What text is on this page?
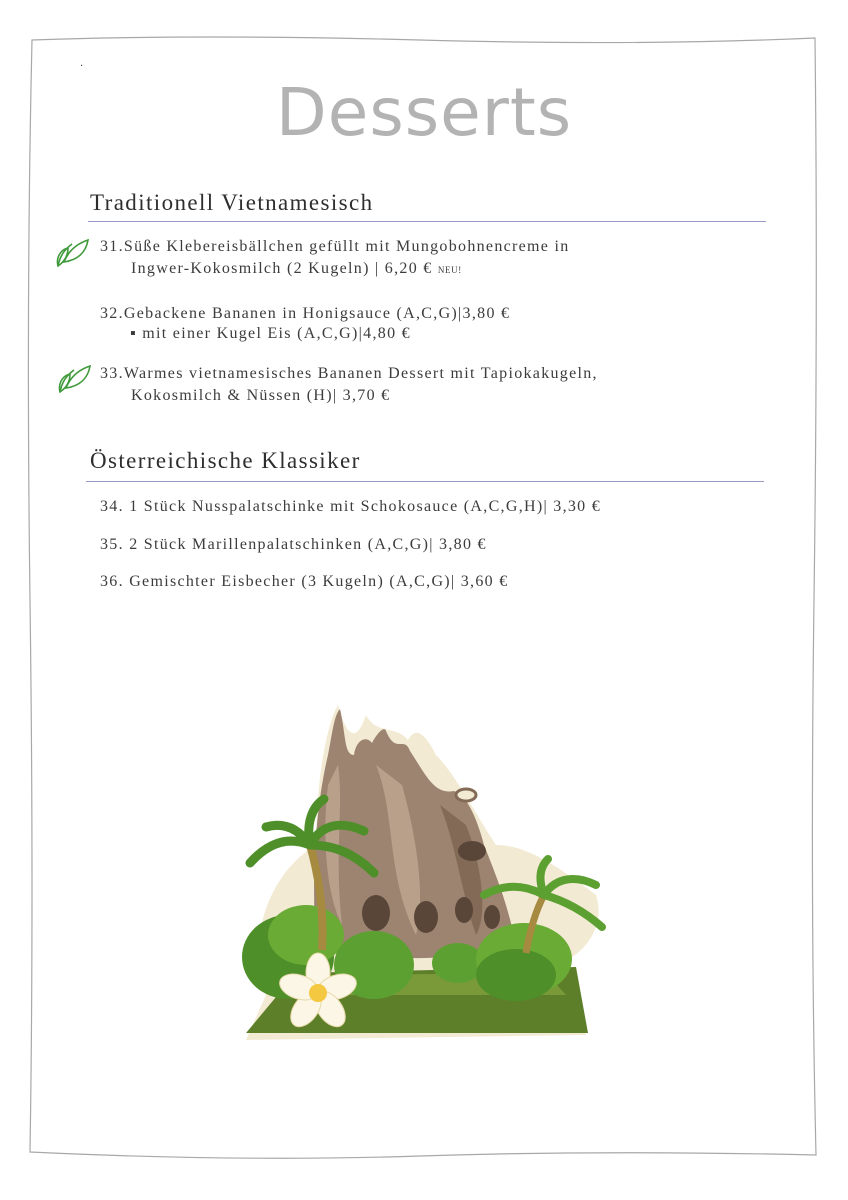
.
Desserts
Traditionell Vietnamesisch
31.Süße Klebereisbällchen gefüllt mit Mungobohnencreme in
Ingwer-Kokosmilch (2 Kugeln) | 6,20 € NEU!
32.Gebackene Bananen in Honigsauce (A,C,G)|3,80 €
▪ mit einer Kugel Eis (A,C,G)|4,80 €
33.Warmes vietnamesisches Bananen Dessert mit Tapiokakugeln,
Kokosmilch & Nüssen (H)| 3,70 €
Österreichische Klassiker
34. 1 Stück Nusspalatschinke mit Schokosauce (A,C,G,H)| 3,30 €
35. 2 Stück Marillenpalatschinken (A,C,G)| 3,80 €
36. Gemischter Eisbecher (3 Kugeln) (A,C,G)| 3,60 €
